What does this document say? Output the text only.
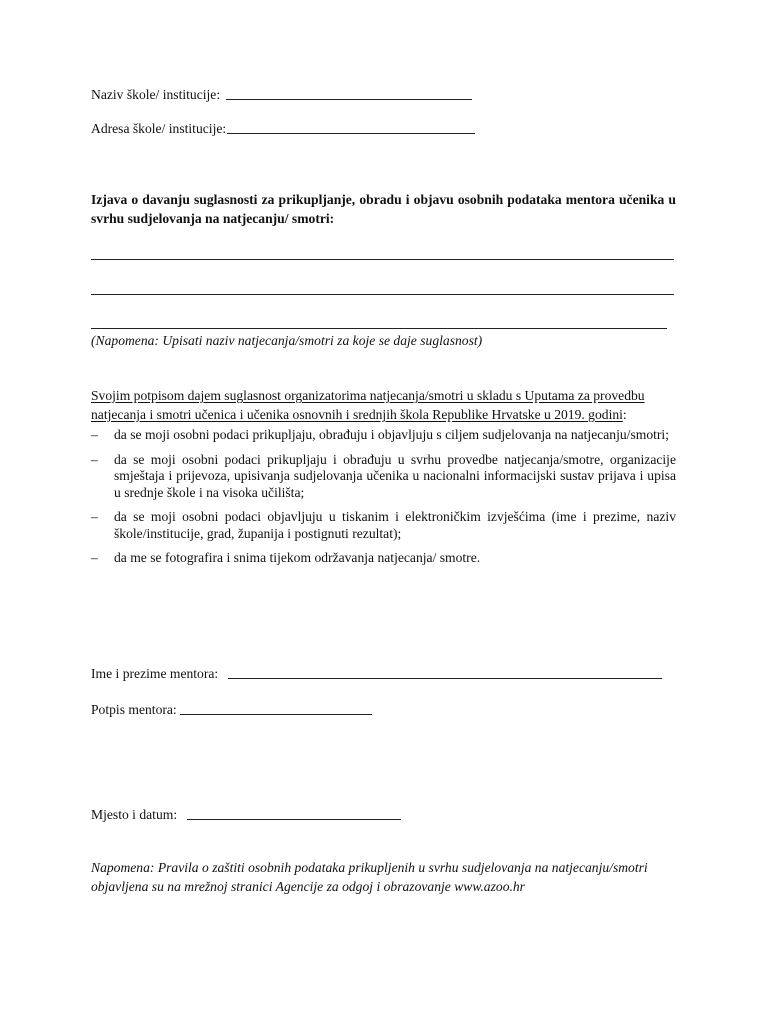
Naziv škole/ institucije:
Adresa škole/ institucije:
Izjava o davanju suglasnosti za prikupljanje, obradu i objavu osobnih podataka mentora učenika u svrhu sudjelovanja na natjecanju/ smotri:
(Napomena: Upisati naziv natjecanja/smotri za koje se daje suglasnost)
Svojim potpisom dajem suglasnost organizatorima natjecanja/smotri u skladu s Uputama za provedbu natjecanja i smotri učenica i učenika osnovnih i srednjih škola Republike Hrvatske u 2019. godini:
– da se moji osobni podaci prikupljaju, obrađuju i objavljuju s ciljem sudjelovanja na natjecanju/smotri;
– da se moji osobni podaci prikupljaju i obrađuju u svrhu provedbe natjecanja/smotre, organizacije smještaja i prijevoza, upisivanja sudjelovanja učenika u nacionalni informacijski sustav prijava i upisa u srednje škole i na visoka učilišta;
– da se moji osobni podaci objavljuju u tiskanim i elektroničkim izvješćima (ime i prezime, naziv škole/institucije, grad, županija i postignuti rezultat);
– da me se fotografira i snima tijekom održavanja natjecanja/ smotre.
Ime i prezime mentora:
Potpis mentora:
Mjesto i datum:
Napomena: Pravila o zaštiti osobnih podataka prikupljenih u svrhu sudjelovanja na natjecanju/smotri objavljena su na mrežnoj stranici Agencije za odgoj i obrazovanje www.azoo.hr
